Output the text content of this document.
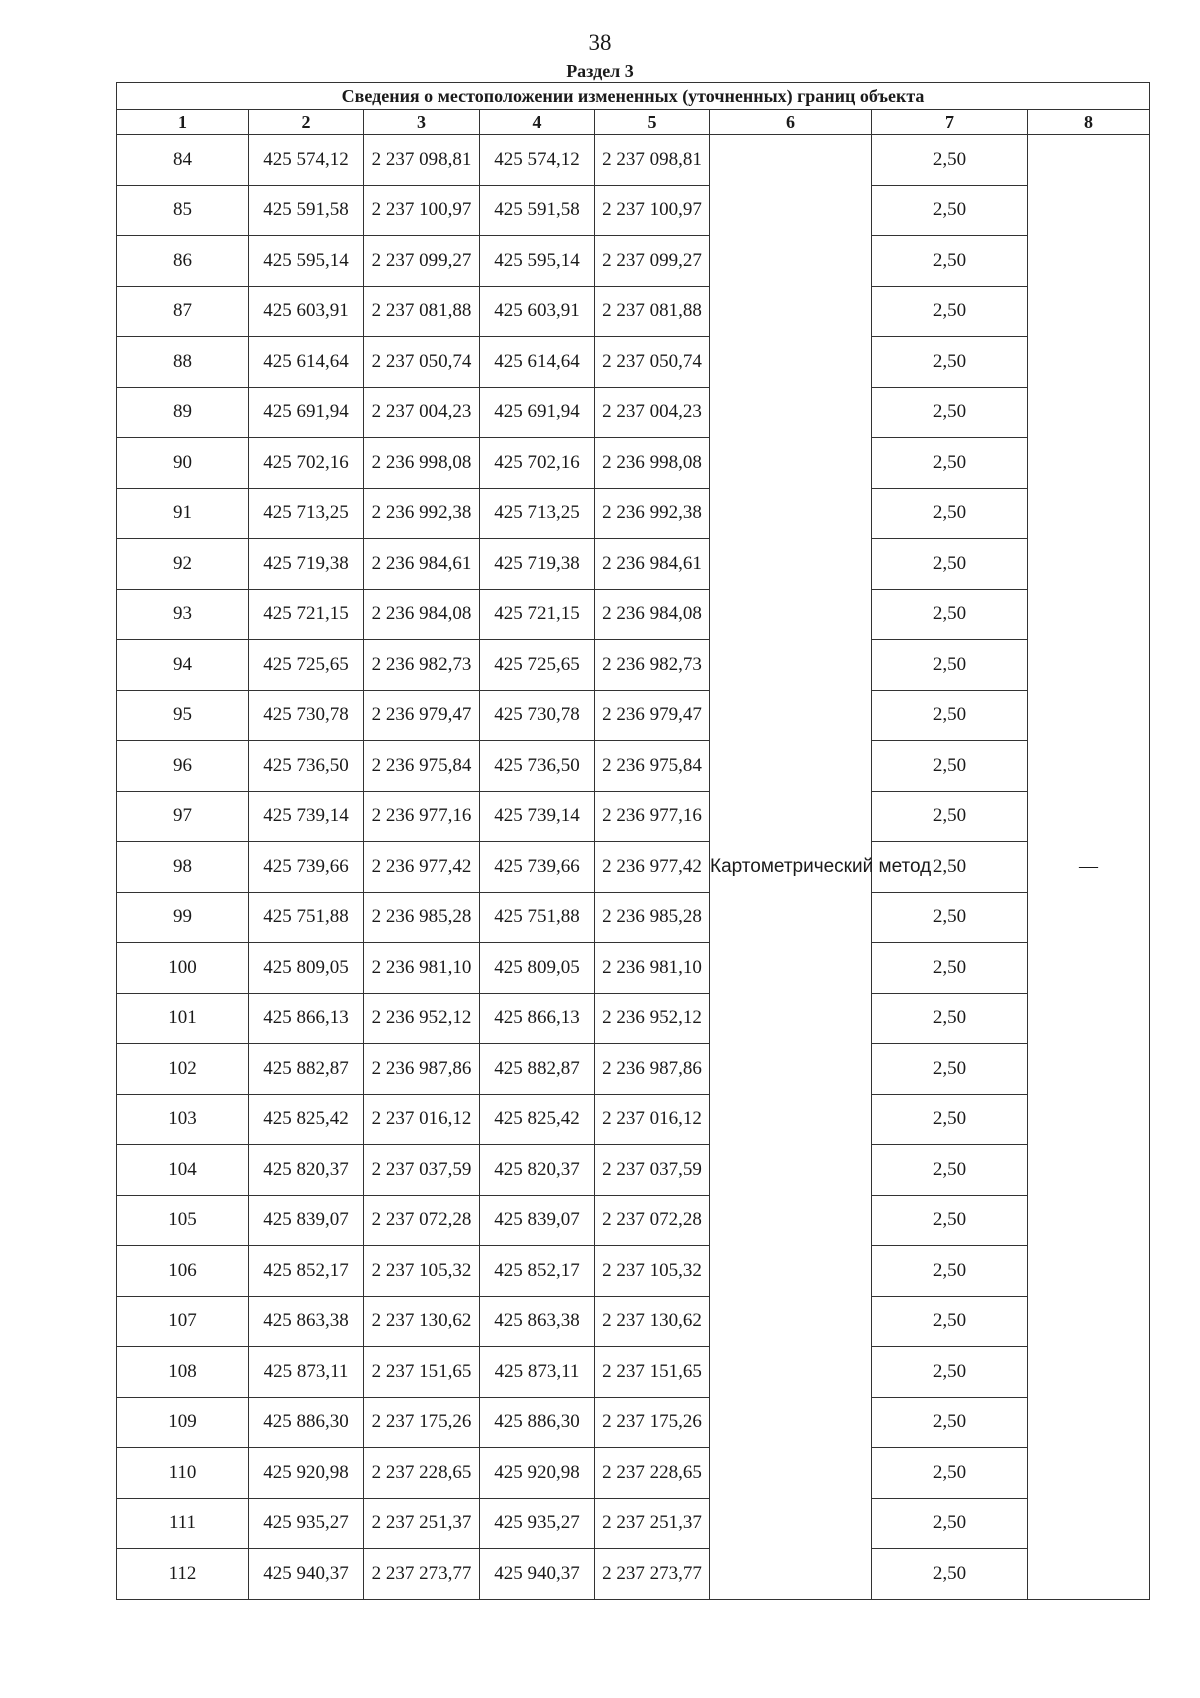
38
Раздел 3
Сведения о местоположении измененных (уточненных) границ объекта							
1	2	3	4	5	6	7	8
84	425 574,12	2 237 098,81	425 574,12	2 237 098,81	Картометрический метод	2,50	—
85	425 591,58	2 237 100,97	425 591,58	2 237 100,97		2,50	
86	425 595,14	2 237 099,27	425 595,14	2 237 099,27		2,50	
87	425 603,91	2 237 081,88	425 603,91	2 237 081,88		2,50	
88	425 614,64	2 237 050,74	425 614,64	2 237 050,74		2,50	
89	425 691,94	2 237 004,23	425 691,94	2 237 004,23		2,50	
90	425 702,16	2 236 998,08	425 702,16	2 236 998,08		2,50	
91	425 713,25	2 236 992,38	425 713,25	2 236 992,38		2,50	
92	425 719,38	2 236 984,61	425 719,38	2 236 984,61		2,50	
93	425 721,15	2 236 984,08	425 721,15	2 236 984,08		2,50	
94	425 725,65	2 236 982,73	425 725,65	2 236 982,73		2,50	
95	425 730,78	2 236 979,47	425 730,78	2 236 979,47		2,50	
96	425 736,50	2 236 975,84	425 736,50	2 236 975,84		2,50	
97	425 739,14	2 236 977,16	425 739,14	2 236 977,16		2,50	
98	425 739,66	2 236 977,42	425 739,66	2 236 977,42		2,50	
99	425 751,88	2 236 985,28	425 751,88	2 236 985,28		2,50	
100	425 809,05	2 236 981,10	425 809,05	2 236 981,10		2,50	
101	425 866,13	2 236 952,12	425 866,13	2 236 952,12		2,50	
102	425 882,87	2 236 987,86	425 882,87	2 236 987,86		2,50	
103	425 825,42	2 237 016,12	425 825,42	2 237 016,12		2,50	
104	425 820,37	2 237 037,59	425 820,37	2 237 037,59		2,50	
105	425 839,07	2 237 072,28	425 839,07	2 237 072,28		2,50	
106	425 852,17	2 237 105,32	425 852,17	2 237 105,32		2,50	
107	425 863,38	2 237 130,62	425 863,38	2 237 130,62		2,50	
108	425 873,11	2 237 151,65	425 873,11	2 237 151,65		2,50	
109	425 886,30	2 237 175,26	425 886,30	2 237 175,26		2,50	
110	425 920,98	2 237 228,65	425 920,98	2 237 228,65		2,50	
111	425 935,27	2 237 251,37	425 935,27	2 237 251,37		2,50	
112	425 940,37	2 237 273,77	425 940,37	2 237 273,77		2,50	
